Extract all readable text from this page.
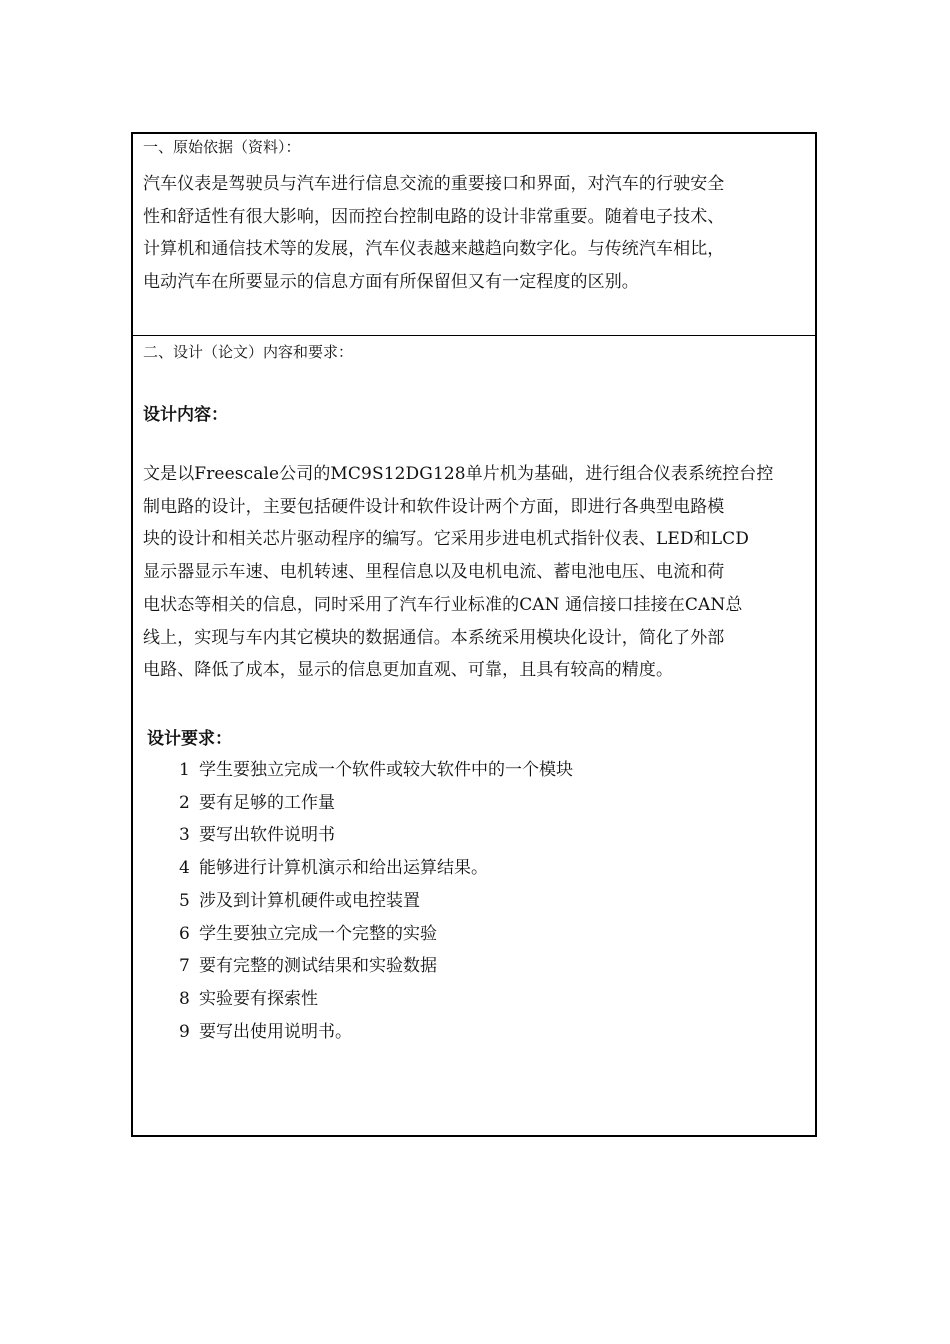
一、原始依据（资料）：

汽车仪表是驾驶员与汽车进行信息交流的重要接口和界面，对汽车的行驶安全
性和舒适性有很大影响，因而控台控制电路的设计非常重要。随着电子技术、
计算机和通信技术等的发展，汽车仪表越来越趋向数字化。与传统汽车相比，
电动汽车在所要显示的信息方面有所保留但又有一定程度的区别。

二、设计（论文）内容和要求：
设计内容：

文是以Freescale公司的MC9S12DG128单片机为基础，进行组合仪表系统控台控
制电路的设计，主要包括硬件设计和软件设计两个方面，即进行各典型电路模
块的设计和相关芯片驱动程序的编写。它采用步进电机式指针仪表、LED和LCD
显示器显示车速、电机转速、里程信息以及电机电流、蓄电池电压、电流和荷
电状态等相关的信息，同时采用了汽车行业标准的CAN 通信接口挂接在CAN总
线上，实现与车内其它模块的数据通信。本系统采用模块化设计，简化了外部
电路、降低了成本，显示的信息更加直观、可靠，且具有较高的精度。

设计要求：
1 学生要独立完成一个软件或较大软件中的一个模块
2 要有足够的工作量
3 要写出软件说明书
4 能够进行计算机演示和给出运算结果。
5 涉及到计算机硬件或电控装置
6 学生要独立完成一个完整的实验
7 要有完整的测试结果和实验数据
8 实验要有探索性
9 要写出使用说明书。
